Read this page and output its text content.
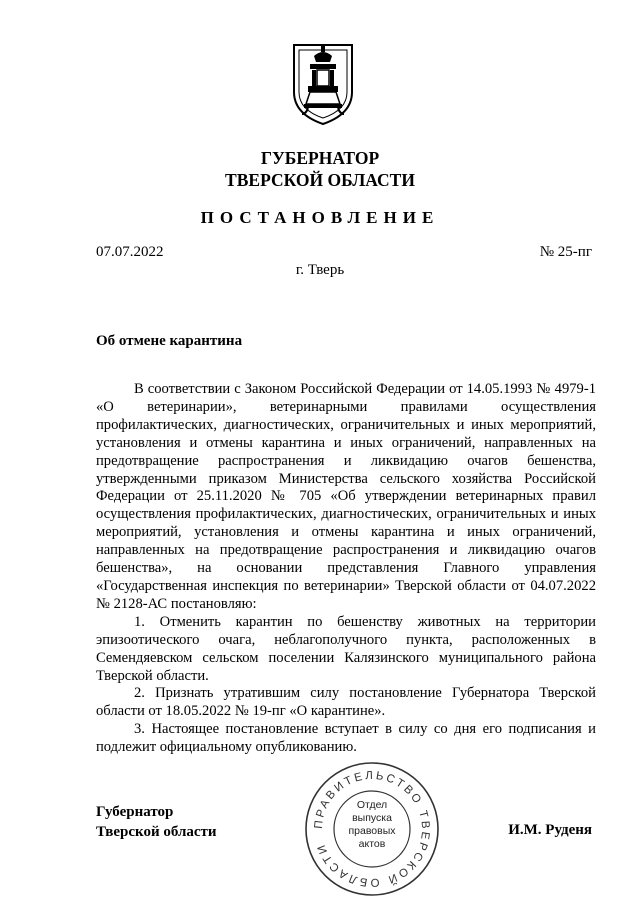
ГУБЕРНАТОР
ТВЕРСКОЙ ОБЛАСТИ
ПОСТАНОВЛЕНИЕ
07.07.2022	№ 25-пг
г. Тверь
Об отмене карантина

В соответствии с Законом Российской Федерации от 14.05.1993 № 4979-1 «О ветеринарии», ветеринарными правилами осуществления профилактических, диагностических, ограничительных и иных мероприятий, установления и отмены карантина и иных ограничений, направленных на предотвращение распространения и ликвидацию очагов бешенства, утвержденными приказом Министерства сельского хозяйства Российской Федерации от 25.11.2020 № 705 «Об утверждении ветеринарных правил осуществления профилактических, диагностических, ограничительных и иных мероприятий, установления и отмены карантина и иных ограничений, направленных на предотвращение распространения и ликвидацию очагов бешенства», на основании представления Главного управления «Государственная инспекция по ветеринарии» Тверской области от 04.07.2022 № 2128-АС постановляю:

1. Отменить карантин по бешенству животных на территории эпизоотического очага, неблагополучного пункта, расположенных в Семендяевском сельском поселении Калязинского муниципального района Тверской области.

2. Признать утратившим силу постановление Губернатора Тверской области от 18.05.2022 № 19-пг «О карантине».

3. Настоящее постановление вступает в силу со дня его подписания и подлежит официальному опубликованию.

Губернатор
Тверской области	И.М. Руденя
ПРАВИТЕЛЬСТВО ТВЕРСКОЙ ОБЛАСТИ
Отдел
выпуска
правовых
актов
